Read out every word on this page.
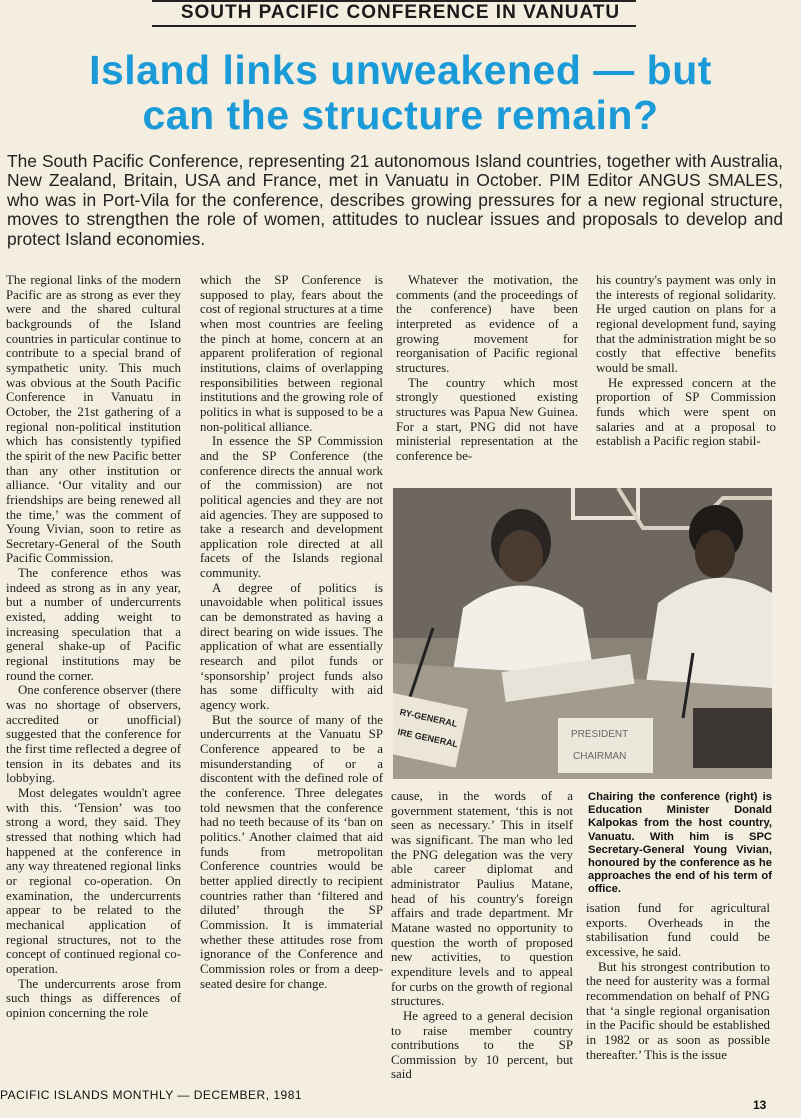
SOUTH PACIFIC CONFERENCE IN VANUATU
Island links unweakened — but
can the structure remain?
The South Pacific Conference, representing 21 autonomous Island countries, together with Australia, New Zealand, Britain, USA and France, met in Vanuatu in October. PIM Editor ANGUS SMALES, who was in Port-Vila for the conference, describes growing pressures for a new regional structure, moves to strengthen the role of women, attitudes to nuclear issues and proposals to develop and protect Island economies.

The regional links of the modern Pacific are as strong as ever they were and the shared cultural backgrounds of the Island countries in particular continue to contribute to a special brand of sympathetic unity. This much was obvious at the South Pacific Conference in Vanuatu in October, the 21st gathering of a regional non-political institution which has consistently typified the spirit of the new Pacific better than any other institution or alliance. ‘Our vitality and our friendships are being renewed all the time,’ was the comment of Young Vivian, soon to retire as Secretary-General of the South Pacific Commission.

The conference ethos was indeed as strong as in any year, but a number of undercurrents existed, adding weight to increasing speculation that a general shake-up of Pacific regional institutions may be round the corner.

One conference observer (there was no shortage of observers, accredited or unofficial) suggested that the conference for the first time reflected a degree of tension in its debates and its lobbying.

Most delegates wouldn't agree with this. ‘Tension’ was too strong a word, they said. They stressed that nothing which had happened at the conference in any way threatened regional links or regional co-operation. On examination, the undercurrents appear to be related to the mechanical application of regional structures, not to the concept of continued regional co-operation.

The undercurrents arose from such things as differences of opinion concerning the role

which the SP Conference is supposed to play, fears about the cost of regional structures at a time when most countries are feeling the pinch at home, concern at an apparent proliferation of regional institutions, claims of overlapping responsibilities between regional institutions and the growing role of politics in what is supposed to be a non-political alliance.

In essence the SP Commission and the SP Conference (the conference directs the annual work of the commission) are not political agencies and they are not aid agencies. They are supposed to take a research and development application role directed at all facets of the Islands regional community.

A degree of politics is unavoidable when political issues can be demonstrated as having a direct bearing on wide issues. The application of what are essentially research and pilot funds or ‘sponsorship’ project funds also has some difficulty with aid agency work.

But the source of many of the undercurrents at the Vanuatu SP Conference appeared to be a misunderstanding of or a discontent with the defined role of the conference. Three delegates told newsmen that the conference had no teeth because of its ‘ban on politics.’ Another claimed that aid funds from metropolitan Conference countries would be better applied directly to recipient countries rather than ‘filtered and diluted’ through the SP Commission. It is immaterial whether these attitudes rose from ignorance of the Conference and Commission roles or from a deep-seated desire for change.

Whatever the motivation, the comments (and the proceedings of the conference) have been interpreted as evidence of a growing movement for reorganisation of Pacific regional structures.

The country which most strongly questioned existing structures was Papua New Guinea. For a start, PNG did not have ministerial representation at the conference be-

his country's payment was only in the interests of regional solidarity. He urged caution on plans for a regional development fund, saying that the administration might be so costly that effective benefits would be small.

He expressed concern at the proportion of SP Commission funds which were spent on salaries and at a proposal to establish a Pacific region stabil-

RY-GENERAL
IRE GENERAL	PRESIDENT
CHAIRMAN

cause, in the words of a government statement, ‘this is not seen as necessary.’ This in itself was significant. The man who led the PNG delegation was the very able career diplomat and administrator Paulius Matane, head of his country's foreign affairs and trade department. Mr Matane wasted no opportunity to question the worth of proposed new activities, to question expenditure levels and to appeal for curbs on the growth of regional structures.

He agreed to a general decision to raise member country contributions to the SP Commission by 10 percent, but said

Chairing the conference (right) is Education Minister Donald Kalpokas from the host country, Vanuatu. With him is SPC Secretary-General Young Vivian, honoured by the conference as he approaches the end of his term of office.

isation fund for agricultural exports. Overheads in the stabilisation fund could be excessive, he said.

But his strongest contribution to the need for austerity was a formal recommendation on behalf of PNG that ‘a single regional organisation in the Pacific should be established in 1982 or as soon as possible thereafter.’ This is the issue

PACIFIC ISLANDS MONTHLY — DECEMBER, 1981
13
